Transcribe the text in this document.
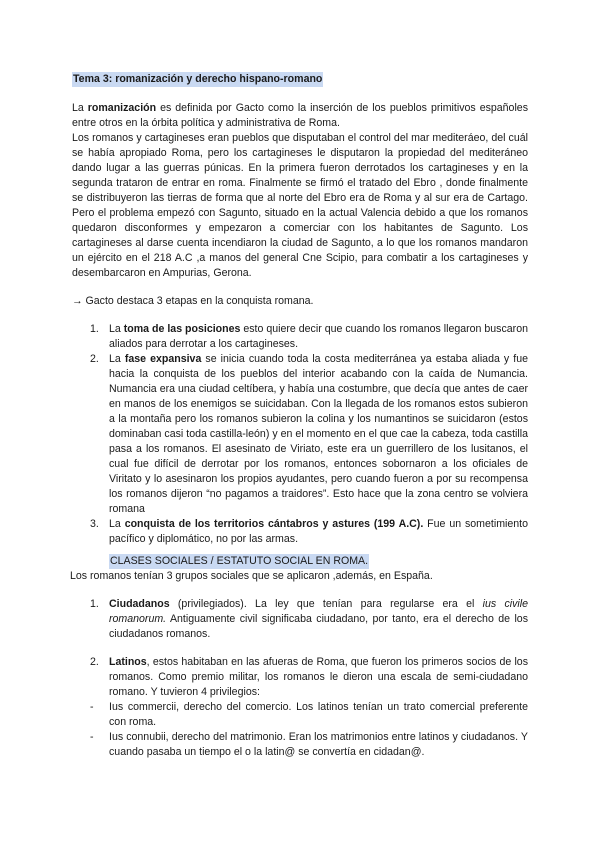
Tema 3: romanización y derecho hispano-romano

La romanización es definida por Gacto como la inserción de los pueblos primitivos españoles entre otros en la órbita política y administrativa de Roma.

Los romanos y cartagineses eran pueblos que disputaban el control del mar mediteráeo, del cuál se había apropiado Roma, pero los cartagineses le disputaron la propiedad del mediteráneo dando lugar a las guerras púnicas. En la primera fueron derrotados los cartagineses y en la segunda trataron de entrar en roma. Finalmente se firmó el tratado del Ebro , donde finalmente se distribuyeron las tierras de forma que al norte del Ebro era de Roma y al sur era de Cartago. Pero el problema empezó con Sagunto, situado en la actual Valencia debido a que los romanos quedaron disconformes y empezaron a comerciar con los habitantes de Sagunto. Los cartagineses al darse cuenta incendiaron la ciudad de Sagunto, a lo que los romanos mandaron un ejército en el 218 A.C ,a manos del general Cne Scipio, para combatir a los cartagineses y desembarcaron en Ampurias, Gerona.

→ Gacto destaca 3 etapas en la conquista romana.

1. La toma de las posiciones esto quiere decir que cuando los romanos llegaron buscaron aliados para derrotar a los cartagineses.
2. La fase expansiva se inicia cuando toda la costa mediterránea ya estaba aliada y fue hacia la conquista de los pueblos del interior acabando con la caída de Numancia. Numancia era una ciudad celtíbera, y había una costumbre, que decía que antes de caer en manos de los enemigos se suicidaban. Con la llegada de los romanos estos subieron a la montaña pero los romanos subieron la colina y los numantinos se suicidaron (estos dominaban casi toda castilla-león) y en el momento en el que cae la cabeza, toda castilla pasa a los romanos. El asesinato de Viriato, este era un guerrillero de los lusitanos, el cual fue difícil de derrotar por los romanos, entonces sobornaron a los oficiales de Viritato y lo asesinaron los propios ayudantes, pero cuando fueron a por su recompensa los romanos dijeron “no pagamos a traidores”. Esto hace que la zona centro se volviera romana
3. La conquista de los territorios cántabros y astures (199 A.C). Fue un sometimiento pacífico y diplomático, no por las armas.

CLASES SOCIALES / ESTATUTO SOCIAL EN ROMA.

Los romanos tenían 3 grupos sociales que se aplicaron ,además, en España.

1. Ciudadanos (privilegiados). La ley que tenían para regularse era el ius civile romanorum. Antiguamente civil significaba ciudadano, por tanto, era el derecho de los ciudadanos romanos.
2. Latinos, estos habitaban en las afueras de Roma, que fueron los primeros socios de los romanos. Como premio militar, los romanos le dieron una escala de semi-ciudadano romano. Y tuvieron 4 privilegios:
- Ius commercii, derecho del comercio. Los latinos tenían un trato comercial preferente con roma.
- Ius connubii, derecho del matrimonio. Eran los matrimonios entre latinos y ciudadanos. Y cuando pasaba un tiempo el o la latin@ se convertía en cidadan@.
